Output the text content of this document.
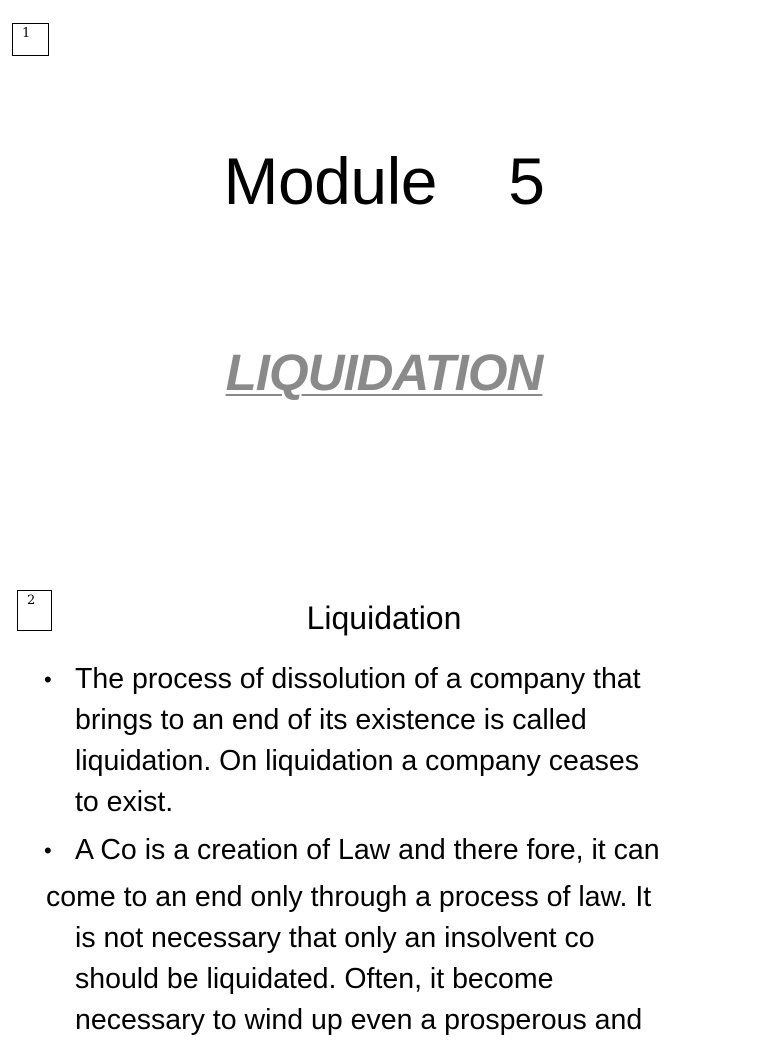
1
Module    5
LIQUIDATION
2	Liquidation
• The process of dissolution of a company that
brings to an end of its existence is called
liquidation. On liquidation a company ceases
to exist.
• A Co is a creation of Law and there fore, it can
come to an end only through a process of law. It
is not necessary that only an insolvent co
should be liquidated. Often, it become
necessary to wind up even a prosperous and
